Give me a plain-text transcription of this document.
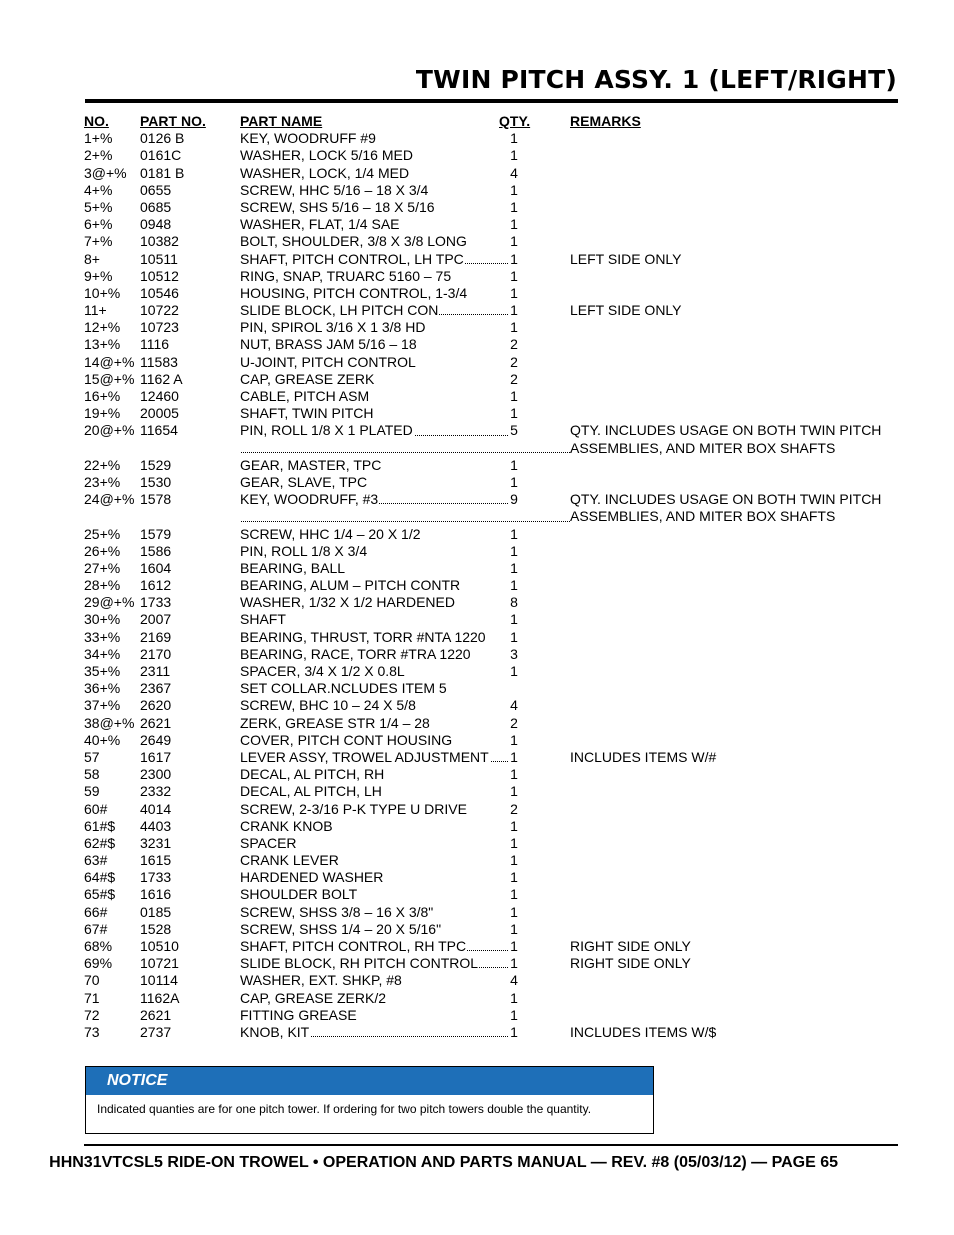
TWIN PITCH ASSY. 1 (LEFT/RIGHT)
NO. PART NO. PART NAME	QTY.	REMARKS
1+% 0126 B	KEY, WOODRUFF #9	1
2+% 0161C	WASHER, LOCK 5/16 MED	1
3@+% 0181 B	WASHER, LOCK, 1/4 MED	4
4+% 0655	SCREW, HHC 5/16 – 18 X 3/4	1
5+% 0685	SCREW, SHS 5/16 – 18 X 5/16	1
6+% 0948	WASHER, FLAT, 1/4 SAE	1
7+% 10382	BOLT, SHOULDER, 3/8 X 3/8 LONG	1
8+	10511	SHAFT, PITCH CONTROL, LH TPC	1	LEFT SIDE ONLY
9+% 10512	RING, SNAP, TRUARC 5160 – 75	1
10+% 10546	HOUSING, PITCH CONTROL, 1-3/4	1
11+ 10722	SLIDE BLOCK, LH PITCH CON	1	LEFT SIDE ONLY
12+% 10723	PIN, SPIROL 3/16 X 1 3/8 HD	1
13+% 1116	NUT, BRASS JAM 5/16 – 18	2
14@+% 11583	U-JOINT, PITCH CONTROL	2
15@+% 1162 A	CAP, GREASE ZERK	2
16+% 12460	CABLE, PITCH ASM	1
19+% 20005	SHAFT, TWIN PITCH	1
20@+% 11654	PIN, ROLL 1/8 X 1 PLATED	5	QTY. INCLUDES USAGE ON BOTH TWIN PITCH
ASSEMBLIES, AND MITER BOX SHAFTS
22+% 1529	GEAR, MASTER, TPC	1
23+% 1530	GEAR, SLAVE, TPC	1
24@+% 1578	KEY, WOODRUFF, #3	9	QTY. INCLUDES USAGE ON BOTH TWIN PITCH
ASSEMBLIES, AND MITER BOX SHAFTS
25+% 1579	SCREW, HHC 1/4 – 20 X 1/2	1
26+% 1586	PIN, ROLL 1/8 X 3/4	1
27+% 1604	BEARING, BALL	1
28+% 1612	BEARING, ALUM – PITCH CONTR	1
29@+% 1733	WASHER, 1/32 X 1/2 HARDENED	8
30+% 2007	SHAFT	1
33+% 2169	BEARING, THRUST, TORR #NTA 1220 1
34+% 2170	BEARING, RACE, TORR #TRA 1220	3
35+% 2311	SPACER, 3/4 X 1/2 X 0.8L	1
36+% 2367	SET COLLAR.NCLUDES ITEM 5
37+% 2620	SCREW, BHC 10 – 24 X 5/8	4
38@+% 2621	ZERK, GREASE STR 1/4 – 28	2
40+% 2649	COVER, PITCH CONT HOUSING	1
57	1617	LEVER ASSY, TROWEL ADJUSTMENT	1	INCLUDES ITEMS W/#
58	2300	DECAL, AL PITCH, RH	1
59	2332	DECAL, AL PITCH, LH	1
60# 4014	SCREW, 2-3/16 P-K TYPE U DRIVE	2
61#$ 4403	CRANK KNOB	1
62#$ 3231	SPACER	1
63# 1615	CRANK LEVER	1
64#$ 1733	HARDENED WASHER	1
65#$ 1616	SHOULDER BOLT	1
66# 0185	SCREW, SHSS 3/8 – 16 X 3/8"	1
67# 1528	SCREW, SHSS 1/4 – 20 X 5/16"	1
68% 10510	SHAFT, PITCH CONTROL, RH TPC	1	RIGHT SIDE ONLY
69% 10721	SLIDE BLOCK, RH PITCH CONTROL	1	RIGHT SIDE ONLY
70	10114	WASHER, EXT. SHKP, #8	4
71	1162A	CAP, GREASE ZERK/2	1
72	2621	FITTING GREASE	1
73	2737	KNOB, KIT	1	INCLUDES ITEMS W/$
NOTICE
Indicated quanties are for one pitch tower. If ordering for two pitch towers double the quantity.
HHN31VTCSL5 RIDE-ON TROWEL • OPERATION AND PARTS MANUAL — REV. #8 (05/03/12) — PAGE 65
